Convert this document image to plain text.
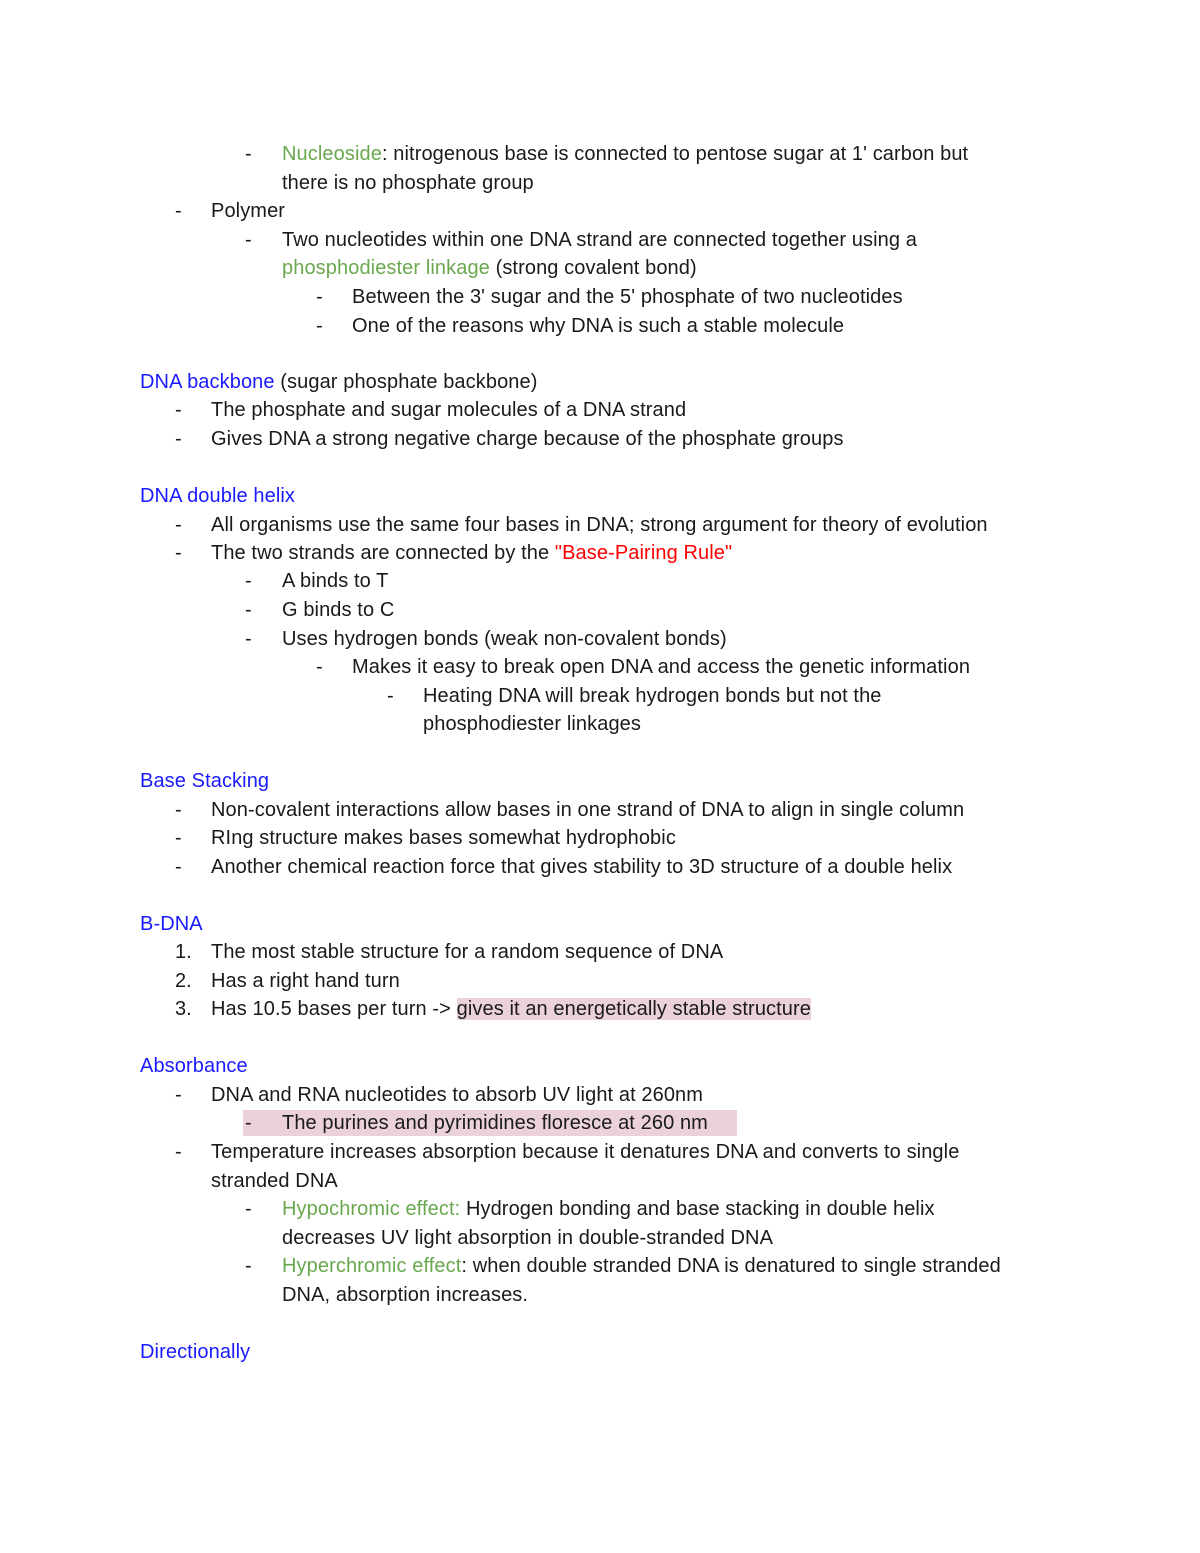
- Nucleoside: nitrogenous base is connected to pentose sugar at 1' carbon but
there is no phosphate group
- Polymer
- Two nucleotides within one DNA strand are connected together using a
phosphodiester linkage (strong covalent bond)
- Between the 3' sugar and the 5' phosphate of two nucleotides
- One of the reasons why DNA is such a stable molecule
DNA backbone (sugar phosphate backbone)
- The phosphate and sugar molecules of a DNA strand
- Gives DNA a strong negative charge because of the phosphate groups
DNA double helix
- All organisms use the same four bases in DNA; strong argument for theory of evolution
- The two strands are connected by the "Base-Pairing Rule"
- A binds to T
- G binds to C
- Uses hydrogen bonds (weak non-covalent bonds)
- Makes it easy to break open DNA and access the genetic information
- Heating DNA will break hydrogen bonds but not the
phosphodiester linkages
Base Stacking
- Non-covalent interactions allow bases in one strand of DNA to align in single column
- RIng structure makes bases somewhat hydrophobic
- Another chemical reaction force that gives stability to 3D structure of a double helix
B-DNA
1. The most stable structure for a random sequence of DNA
2. Has a right hand turn
3. Has 10.5 bases per turn -> gives it an energetically stable structure
Absorbance
- DNA and RNA nucleotides to absorb UV light at 260nm
- The purines and pyrimidines floresce at 260 nm
- Temperature increases absorption because it denatures DNA and converts to single
stranded DNA
- Hypochromic effect: Hydrogen bonding and base stacking in double helix
decreases UV light absorption in double-stranded DNA
- Hyperchromic effect: when double stranded DNA is denatured to single stranded
DNA, absorption increases.
Directionally
